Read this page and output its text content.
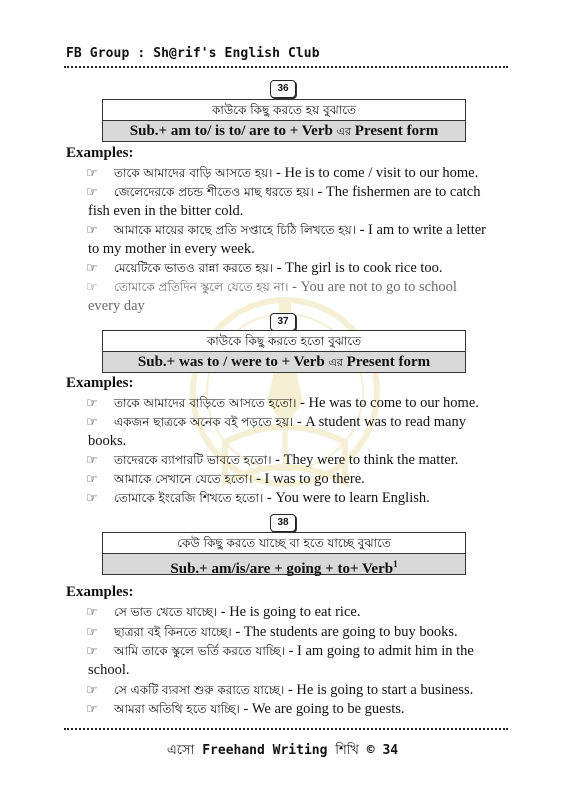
FB Group : Sh@rif's English Club
36
কাউকে কিছু করতে হয় বুঝাতে
Sub.+ am to/ is to/ are to + Verb এর Present form
Examples:
☞ তাকে আমাদের বাড়ি আসতে হয়। - He is to come / visit to our home.
☞ জেলেদেরকে প্রচন্ড শীতেও মাছ ধরতে হয়। - The fishermen are to catch
fish even in the bitter cold.
☞ আমাকে মায়ের কাছে প্রতি সপ্তাহে চিঠি লিখতে হয়। - I am to write a letter
to my mother in every week.
☞ মেয়েটিকে ভাতও রান্না করতে হয়। - The girl is to cook rice too.
☞ তোমাকে প্রতিদিন স্কুলে যেতে হয় না। - You are not to go to school
every day
37
কাউকে কিছু করতে হতো বুঝাতে
Sub.+ was to / were to + Verb এর Present form
Examples:
☞ তাকে আমাদের বাড়িতে আসতে হতো। - He was to come to our home.
☞ একজন ছাত্রকে অনেক বই পড়তে হয়। - A student was to read many
books.
☞ তাদেরকে ব্যাপারটি ভাবতে হতো। - They were to think the matter.
☞ আমাকে সেখানে যেতে হতো। - I was to go there.
☞ তোমাকে ইংরেজি শিখতে হতো। - You were to learn English.
38
কেউ কিছু করতে যাচ্ছে বা হতে যাচ্ছে বুঝাতে
Sub.+ am/is/are + going + to+ Verb$^1$
Examples:
☞ সে ভাত খেতে যাচ্ছে। - He is going to eat rice.
☞ ছাত্ররা বই কিনতে যাচ্ছে। - The students are going to buy books.
☞ আমি তাকে স্কুলে ভর্তি করতে যাচ্ছি। - I am going to admit him in the
school.
☞ সে একটি ব্যবসা শুরু করাতে যাচ্ছে। - He is going to start a business.
☞ আমরা অতিথি হতে যাচ্ছি। - We are going to be guests.
এসো Freehand Writing শিখি © 34
